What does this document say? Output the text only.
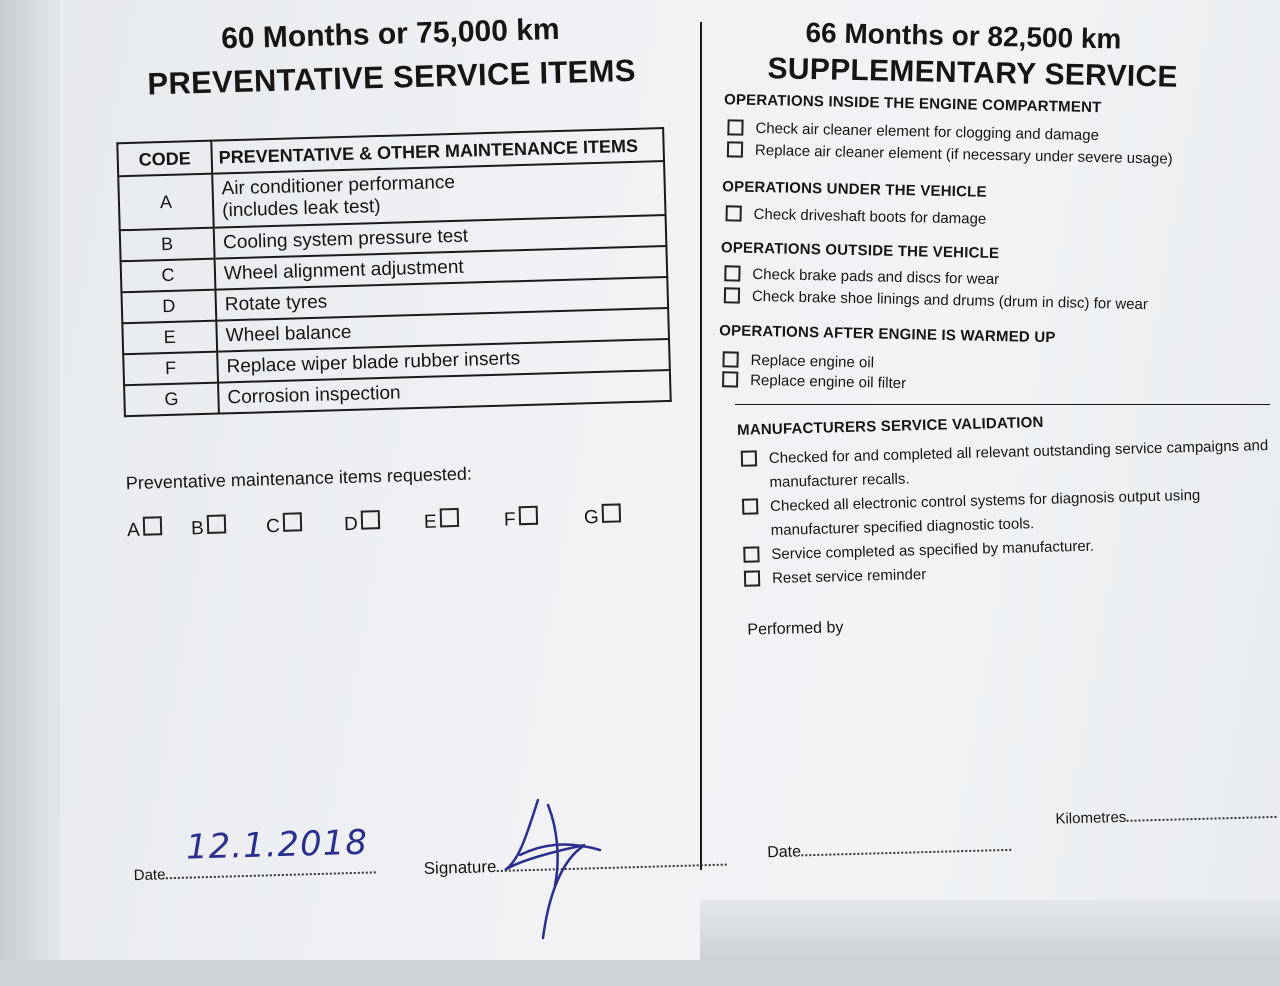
60 Months or 75,000 km
PREVENTATIVE SERVICE ITEMS
CODE	PREVENTATIVE & OTHER MAINTENANCE ITEMS
A	Air conditioner performance
(includes leak test)

B	Cooling system pressure test
C	Wheel alignment adjustment
D	Rotate tyres
E	Wheel balance
F	Replace wiper blade rubber inserts
G	Corrosion inspection
Preventative maintenance items requested:
A	B	C	D	E	F	G
Date
12.1.2018	Signature
66 Months or 82,500 km
SUPPLEMENTARY SERVICE
OPERATIONS INSIDE THE ENGINE COMPARTMENT
Check air cleaner element for clogging and damage
Replace air cleaner element (if necessary under severe usage)
OPERATIONS UNDER THE VEHICLE
Check driveshaft boots for damage
OPERATIONS OUTSIDE THE VEHICLE
Check brake pads and discs for wear
Check brake shoe linings and drums (drum in disc) for wear
OPERATIONS AFTER ENGINE IS WARMED UP
Replace engine oil
Replace engine oil filter
MANUFACTURERS SERVICE VALIDATION
Checked for and completed all relevant outstanding service campaigns and
manufacturer recalls.
Checked all electronic control systems for diagnosis output using
manufacturer specified diagnostic tools.
Service completed as specified by manufacturer.
Reset service reminder
Performed by
Date
Kilometres
